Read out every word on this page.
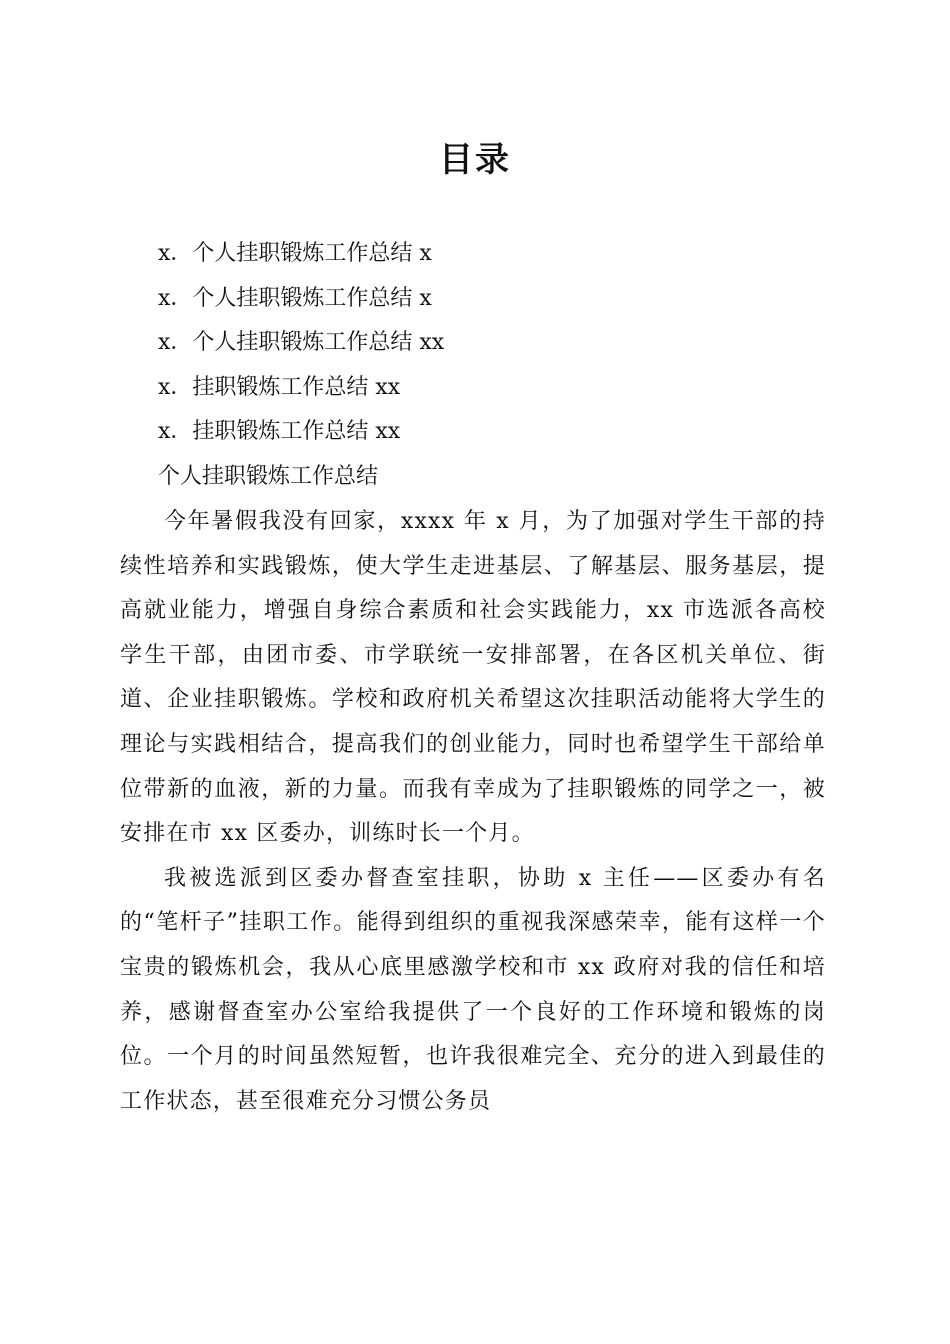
目录
x．个人挂职锻炼工作总结 x
x．个人挂职锻炼工作总结 x
x．个人挂职锻炼工作总结 xx
x．挂职锻炼工作总结 xx
x．挂职锻炼工作总结 xx
个人挂职锻炼工作总结

今年暑假我没有回家，xxxx 年 x 月，为了加强对学生干部的持续性培养和实践锻炼，使大学生走进基层、了解基层、服务基层，提高就业能力，增强自身综合素质和社会实践能力，xx 市选派各高校学生干部，由团市委、市学联统一安排部署，在各区机关单位、街道、企业挂职锻炼。学校和政府机关希望这次挂职活动能将大学生的理论与实践相结合，提高我们的创业能力，同时也希望学生干部给单位带新的血液，新的力量。而我有幸成为了挂职锻炼的同学之一，被安排在市 xx 区委办，训练时长一个月。

我被选派到区委办督查室挂职，协助 x 主任——区委办有名的“笔杆子”挂职工作。能得到组织的重视我深感荣幸，能有这样一个宝贵的锻炼机会，我从心底里感激学校和市 xx 政府对我的信任和培养，感谢督查室办公室给我提供了一个良好的工作环境和锻炼的岗位。一个月的时间虽然短暂，也许我很难完全、充分的进入到最佳的工作状态，甚至很难充分习惯公务员
